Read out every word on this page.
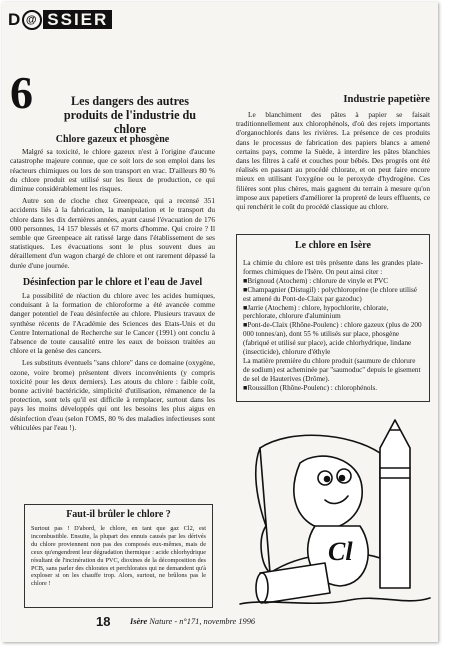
D @ SSIER
6	Les dangers des autres produits de l'industrie du chlore
Chlore gazeux et phosgène

Malgré sa toxicité, le chlore gazeux n'est à l'origine d'aucune catastrophe majeure connue, que ce soit lors de son emploi dans les réacteurs chimiques ou lors de son transport en vrac. D'ailleurs 80 % du chlore produit est utilisé sur les lieux de production, ce qui diminue considérablement les risques.

Autre son de cloche chez Greenpeace, qui a recensé 351 accidents liés à la fabrication, la manipulation et le transport du chlore dans les dix dernières années, ayant causé l'évacuation de 176 000 personnes, 14 157 blessés et 67 morts d'homme. Qui croire ? Il semble que Greenpeace ait ratissé large dans l'établissement de ses statistiques. Les évacuations sont le plus souvent dues au déraillement d'un wagon chargé de chlore et ont rarement dépassé la durée d'une journée.

Désinfection par le chlore et l'eau de Javel

La possibilité de réaction du chlore avec les acides humiques, conduisant à la formation de chloroforme a été avancée comme danger potentiel de l'eau désinfectée au chlore. Plusieurs travaux de synthèse récents de l'Académie des Sciences des Etats-Unis et du Centre International de Recherche sur le Cancer (1991) ont conclu à l'absence de toute causalité entre les eaux de boisson traitées au chlore et la genèse des cancers.

Les substituts éventuels "sans chlore" dans ce domaine (oxygène, ozone, voire brome) présentent divers inconvénients (y compris toxicité pour les deux derniers). Les atouts du chlore : faible coût, bonne activité bactéricide, simplicité d'utilisation, rémanence de la protection, sont tels qu'il est difficile à remplacer, surtout dans les pays les moins développés qui ont les besoins les plus aigus en désinfection d'eau (selon l'OMS, 80 % des maladies infectieuses sont véhiculées par l'eau !).

Faut-il brûler le chlore ?
Surtout pas ! D'abord, le chlore, en tant que gaz Cl2, est incombustible. Ensuite, la plupart des ennuis causés par les dérivés du chlore proviennent non pas des composés eux-mêmes, mais de ceux qu'engendrent leur dégradation thermique : acide chlorhydrique résultant de l'incinération du PVC, dioxines de la décomposition des PCB, sans parler des chlorates et perchlorates qui ne demandent qu'à exploser si on les chauffe trop. Alors, surtout, ne brûlons pas le chlore !
Industrie papetière

Le blanchiment des pâtes à papier se faisait traditionnellement aux chlorophénols, d'où des rejets importants d'organochlorés dans les rivières. La présence de ces produits dans le processus de fabrication des papiers blancs a amené certains pays, comme la Suède, à interdire les pâtes blanchies dans les filtres à café et couches pour bébés. Des progrès ont été réalisés en passant au procédé chlorate, et on peut faire encore mieux en utilisant l'oxygène ou le peroxyde d'hydrogène. Ces filières sont plus chères, mais gagnent du terrain à mesure qu'on impose aux papetiers d'améliorer la propreté de leurs effluents, ce qui renchérit le coût du procédé classique au chlore.

Le chlore en Isère
La chimie du chlore est très présente dans les grandes plate-formes chimiques de l'Isère. On peut ainsi citer :
■Brignoud (Atochem) : chlorure de vinyle et PVC
■Champagnier (Distugil) : polychloroprène (le chlore utilisé est amené du Pont-de-Claix par gazoduc)
■Jarrie (Atochem) : chlore, hypochlorite, chlorate, perchlorate, chlorure d'aluminium
■Pont-de-Claix (Rhône-Poulenc) : chlore gazeux (plus de 200 000 tonnes/an), dont 55 % utilisés sur place, phosgène (fabriqué et utilisé sur place), acide chlorhydrique, lindane (insecticide), chlorure d'éthyle
La matière première du chlore produit (saumure de chlorure de sodium) est acheminée par "saumoduc" depuis le gisement de sel de Hauterives (Drôme).
■Roussillon (Rhône-Poulenc) : chlorophénols.
Cl
18 Isère Nature - n°171, novembre 1996
